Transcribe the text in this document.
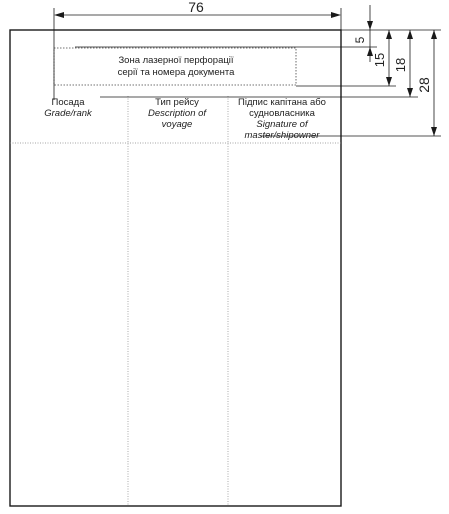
76
5
15 18
28
Зона лазерної перфорації
серії та номера документа
Посада
Grade/rank
Тип рейсу
Description of voyage
Підпис капітана або судновласника
Signature of master/shipowner
